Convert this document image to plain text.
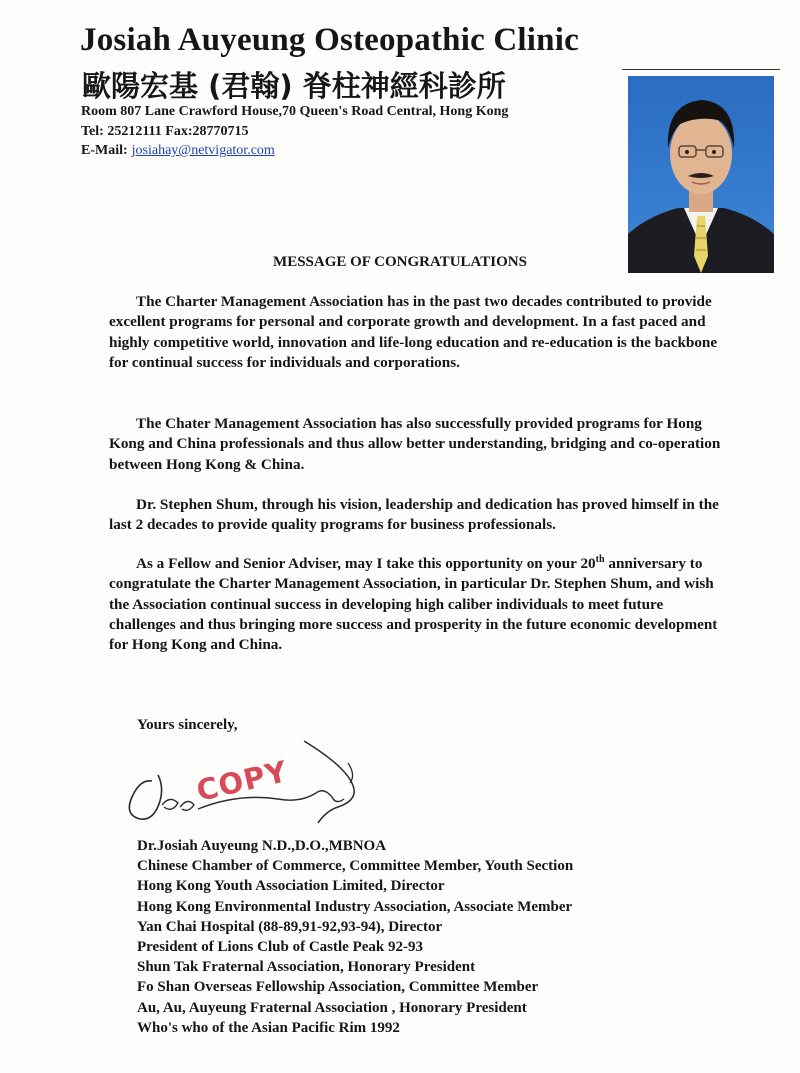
Josiah Auyeung Osteopathic Clinic
歐陽宏基 (君翰) 脊柱神經科診所
Room 807 Lane Crawford House,70 Queen's Road Central, Hong Kong
Tel: 25212111 Fax:28770715
E-Mail: josiahay@netvigator.com
MESSAGE OF CONGRATULATIONS
The Charter Management Association has in the past two decades contributed to provide excellent programs for personal and corporate growth and development. In a fast paced and highly competitive world, innovation and life-long education and re-education is the backbone for continual success for individuals and corporations.
The Chater Management Association has also successfully provided programs for Hong Kong and China professionals and thus allow better understanding, bridging and co-operation between Hong Kong & China.
Dr. Stephen Shum, through his vision, leadership and dedication has proved himself in the last 2 decades to provide quality programs for business professionals.
As a Fellow and Senior Adviser, may I take this opportunity on your 20th anniversary to congratulate the Charter Management Association, in particular Dr. Stephen Shum, and wish the Association continual success in developing high caliber individuals to meet future challenges and thus bringing more success and prosperity in the future economic development for Hong Kong and China.
Yours sincerely,
COPY
Dr.Josiah Auyeung N.D.,D.O.,MBNOA
Chinese Chamber of Commerce, Committee Member, Youth Section
Hong Kong Youth Association Limited, Director
Hong Kong Environmental Industry Association, Associate Member
Yan Chai Hospital (88-89,91-92,93-94), Director
President of Lions Club of Castle Peak 92-93
Shun Tak Fraternal Association, Honorary President
Fo Shan Overseas Fellowship Association, Committee Member
Au, Au, Auyeung Fraternal Association , Honorary President
Who's who of the Asian Pacific Rim 1992
